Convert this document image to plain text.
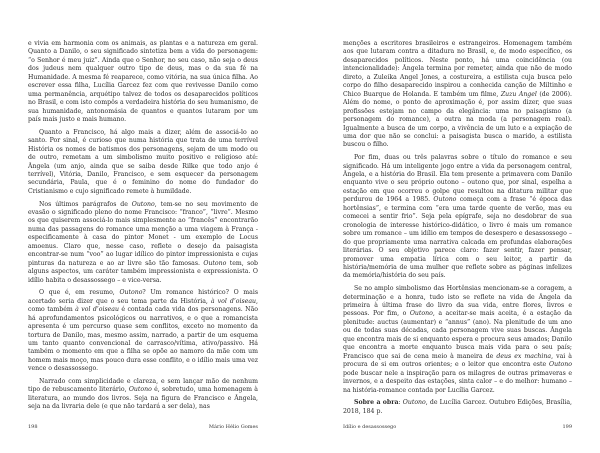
e vivia em harmonia com os animais, as plantas e a natureza em geral. Quanto a Danilo, o seu significado sintetiza bem a vida do personagem: “o Senhor é meu juiz”. Ainda que o Senhor, no seu caso, não seja o deus dos judeus nem qualquer outro tipo de deus, mas o da sua fé na Humanidade. A mesma fé reaparece, como vitória, na sua única filha. Ao escrever essa filha, Lucília Garcez fez com que revivesse Danilo como uma permanência, arquétipo talvez de todos os desaparecidos políticos no Brasil, e com isto compôs a verdadeira história do seu humanismo, de sua humanidade, antonomásia de quantos e quantos lutaram por um país mais justo e mais humano.

Quanto a Francisco, há algo mais a dizer, além de associá-lo ao santo. Por sinal, é curioso que numa história que trata de uma terrível História os nomes de batismos dos personagens, sejam de um modo ou de outro, remetam a um simbolismo muito positivo e religioso até: Ângela (um anjo, ainda que se saiba desde Rilke que todo anjo é terrível), Vitória, Danilo, Francisco, e sem esquecer da personagem secundária, Paula, que é o feminino do nome do fundador do Cristianismo e cujo significado remete à humildade.

Nos últimos parágrafos de Outono, tem-se no seu movimento de evasão o significado pleno do nome Francisco: “franco”, “livre”. Mesmo os que quiserem associá-lo mais simplesmente ao “francês” encontrarão numa das passagens do romance uma menção a uma viagem à França - especificamente à casa do pintor Monet - um exemplo de Locus amoenus. Claro que, nesse caso, reflete o desejo da paisagista encontrar-se num “voo” ao lugar idílico do pintor impressionista e cujas pinturas da natureza e ao ar livre são tão famosas. Outono tem, sob alguns aspectos, um caráter também impressionista e expressionista. O idílio habita o desassossego – e vice-versa.

O que é, em resumo, Outono? Um romance histórico? O mais acertado seria dizer que o seu tema parte da História, à vol d’oiseau, como também à vol d’oiseau é contada cada vida dos personagens. Não há aprofundamentos psicológicos ou narrativos, e o que a romancista apresenta é um percurso quase sem conflitos, exceto no momento da tortura de Danilo, mas, mesmo assim, narrado, a partir de um esquema um tanto quanto convencional de carrasco/vítima, ativo/passivo. Há também o momento em que a filha se opõe ao namoro da mãe com um homem mais moço, mas pouco dura esse conflito, e o idílio mais uma vez vence o desassossego.

Narrado com simplicidade e clareza, e sem lançar mão de nenhum tipo de rebuscamento literário, Outono é, sobretudo, uma homenagem à literatura, ao mundo dos livros. Seja na figura de Francisco e Ângela, seja na da livraria dele (e que não tardará a ser dela), nas

198	Mário Hélio Gomes

menções a escritores brasileiros e estrangeiros. Homenagem também aos que lutaram contra a ditadura no Brasil, e, de modo específico, os desaparecidos políticos. Neste ponto, há uma coincidência (ou intencionalidade): Ângela termina por remeter, ainda que não de modo direto, a Zuleika Angel Jones, a costureira, a estilista cuja busca pelo corpo do filho desaparecido inspirou a conhecida canção de Miltinho e Chico Buarque de Holanda. E também um filme, Zuzu Angel (de 2006). Além do nome, o ponto de aproximação é, por assim dizer, que suas profissões estejam no campo da elegância: uma no paisagismo (a personagem do romance), a outra na moda (a personagem real). Igualmente a busca de um corpo, a vivência de um luto e a expiação de uma dor que não se conclui: a paisagista busca o marido, a estilista buscou o filho.

Por fim, duas ou três palavras sobre o título do romance e seu significado. Há um inteligente jogo entre a vida da personagem central, Ângela, e a história do Brasil. Ela tem presente a primavera com Danilo enquanto vive o seu próprio outono – outono que, por sinal, espelha a estação em que ocorreu o golpe que resultou na ditatura militar que perdurou de 1964 a 1985. Outono começa com a frase “é época das hortênsias”, e termina com “era uma tarde quente de verão, mas eu comecei a sentir frio”. Seja pela epígrafe, seja no desdobrar de sua cronologia de interesse histórico-didático, o livro é mais um romance sobre um romance – um idílio em tempos de desespero e desassossego – do que propriamente uma narrativa calcada em profundas elaborações literárias. O seu objetivo parece claro: fazer sentir, fazer pensar, promover uma empatia lírica com o seu leitor, a partir da história/memória de uma mulher que reflete sobre as páginas infelizes da memória/história do seu país.

Se no amplo simbolismo das Hortênsias mencionam-se a coragem, a determinação e a honra, tudo isto se reflete na vida de Ângela da primeira à última frase do livro da sua vida, entre flores, livros e pessoas. Por fim, o Outono, a aceitar-se mais aceita, é a estação da plenitude: auctus (aumentar) e “annus” (ano). Na plenitude de um ano ou de todas suas décadas, cada personagem vive suas buscas. Ângela que encontra mais de si enquanto espera e procura seus amados; Danilo que encontra a morte enquanto busca mais vida para o seu país; Francisco que sai de cena meio à maneira de deus ex machina, vai à procura de si em outros orientes; e o leitor que encontra este Outono pode buscar nele a inspiração para os milagres de outras primaveras e invernos, e a despeito das estações, sinta calor – e do melhor: humano – na história-romance contada por Lucília Garcez.

Sobre a obra: Outono, de Lucília Garcez. Outubro Edições, Brasília, 2018, 184 p.

Idílio e desassossego	199
